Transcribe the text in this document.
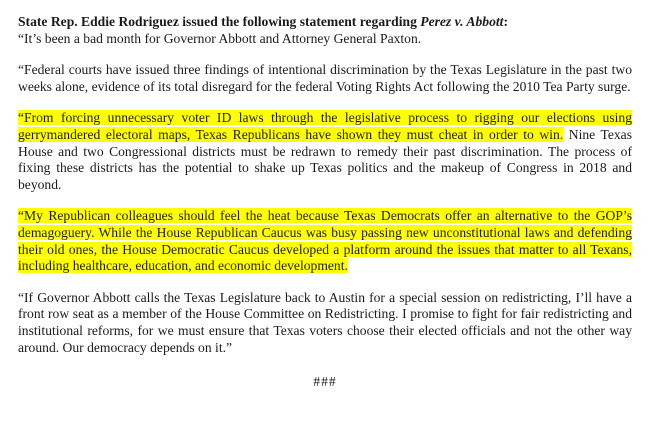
State Rep. Eddie Rodriguez issued the following statement regarding Perez v. Abbott:

“It’s been a bad month for Governor Abbott and Attorney General Paxton.

“Federal courts have issued three findings of intentional discrimination by the Texas Legislature in the past two weeks alone, evidence of its total disregard for the federal Voting Rights Act following the 2010 Tea Party surge.

“From forcing unnecessary voter ID laws through the legislative process to rigging our elections using gerrymandered electoral maps, Texas Republicans have shown they must cheat in order to win. Nine Texas House and two Congressional districts must be redrawn to remedy their past discrimination. The process of fixing these districts has the potential to shake up Texas politics and the makeup of Congress in 2018 and beyond.

“My Republican colleagues should feel the heat because Texas Democrats offer an alternative to the GOP’s demagoguery. While the House Republican Caucus was busy passing new unconstitutional laws and defending their old ones, the House Democratic Caucus developed a platform around the issues that matter to all Texans, including healthcare, education, and economic development.

“If Governor Abbott calls the Texas Legislature back to Austin for a special session on redistricting, I’ll have a front row seat as a member of the House Committee on Redistricting. I promise to fight for fair redistricting and institutional reforms, for we must ensure that Texas voters choose their elected officials and not the other way around. Our democracy depends on it.”

###
